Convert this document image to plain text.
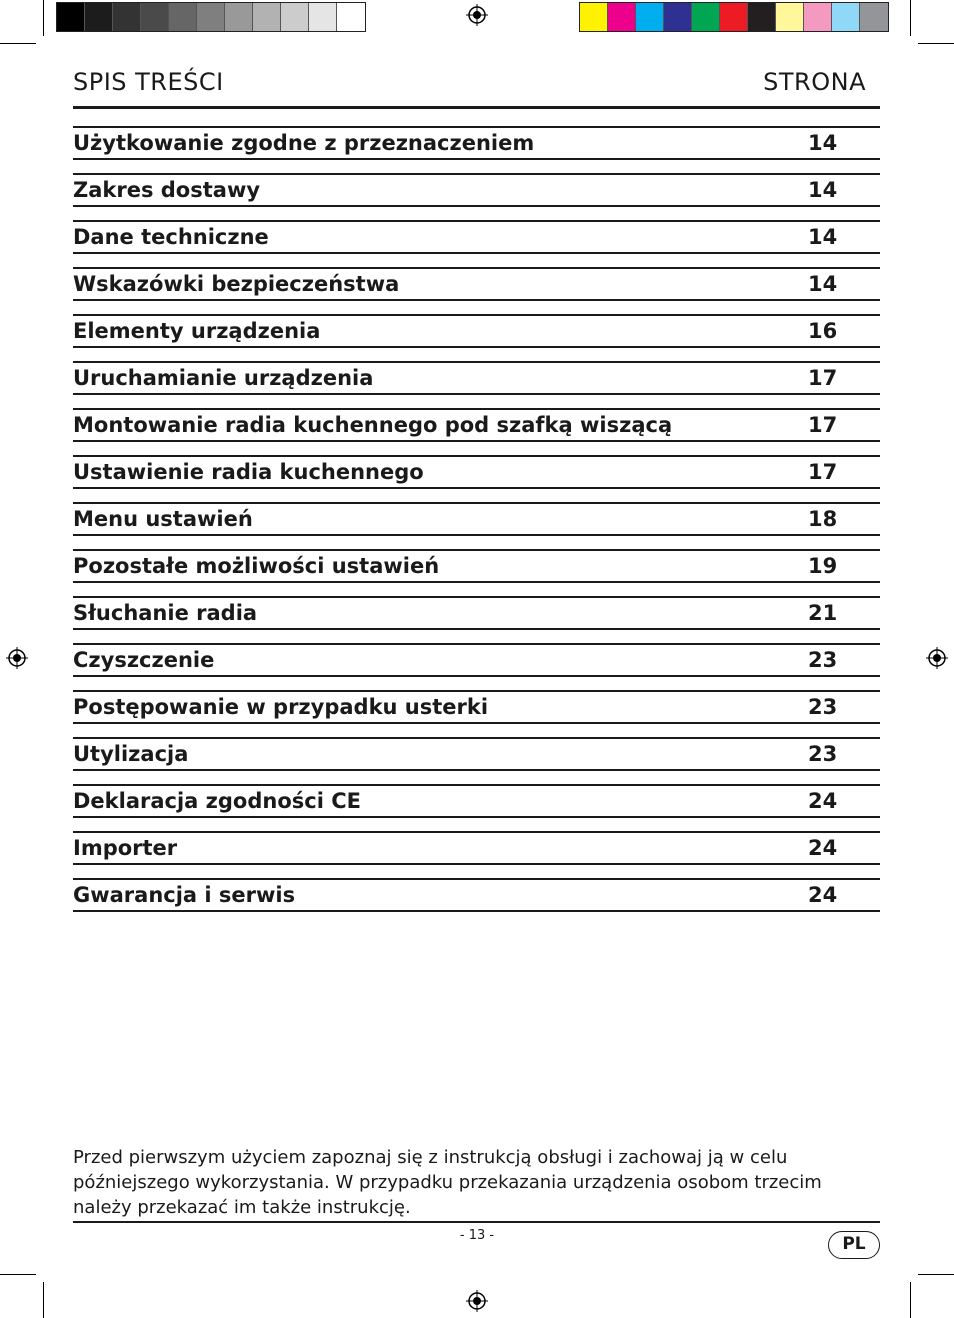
SPIS TREŚCI	STRONA
Użytkowanie zgodne z przeznaczeniem	14
Zakres dostawy	14
Dane techniczne	14
Wskazówki bezpieczeństwa	14
Elementy urządzenia	16
Uruchamianie urządzenia	17
Montowanie radia kuchennego pod szafką wiszącą	17
Ustawienie radia kuchennego	17
Menu ustawień	18
Pozostałe możliwości ustawień	19
Słuchanie radia	21
Czyszczenie	23
Postępowanie w przypadku usterki	23
Utylizacja	23
Deklaracja zgodności CE	24
Importer	24
Gwarancja i serwis	24
Przed pierwszym użyciem zapoznaj się z instrukcją obsługi i zachowaj ją w celu późniejszego wykorzystania. W przypadku przekazania urządzenia osobom trzecim należy przekazać im także instrukcję.
- 13 -	PL
